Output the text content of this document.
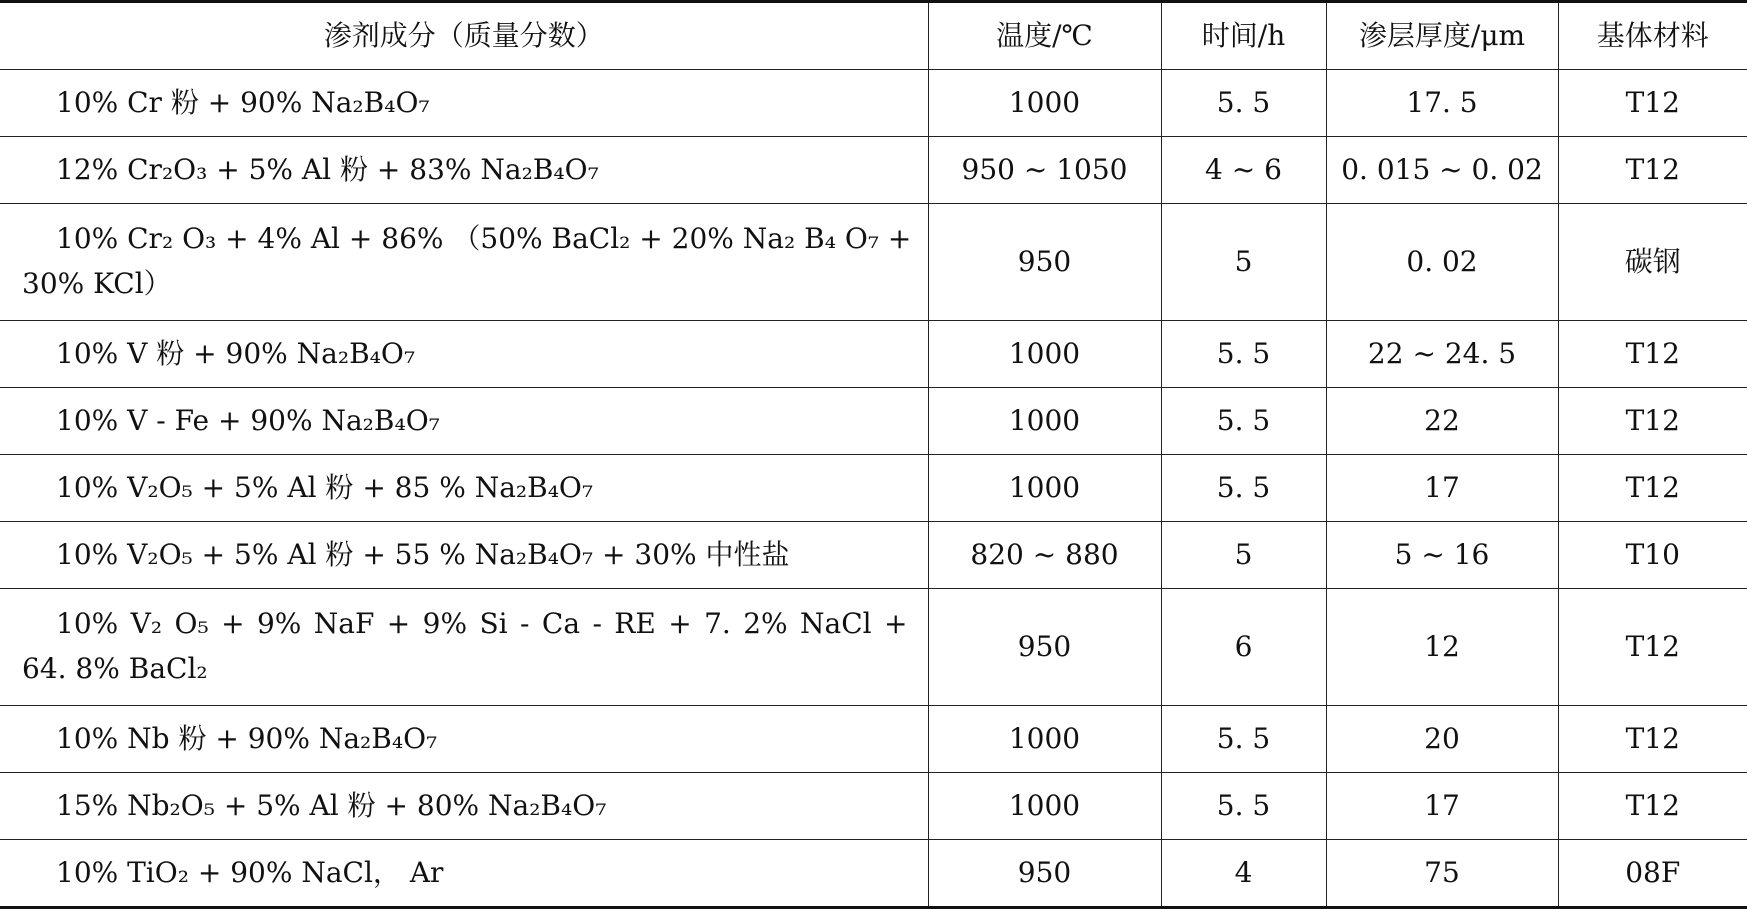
渗剂成分（质量分数）	温度/℃	时间/h	渗层厚度/μm	基体材料

10% Cr 粉 + 90% Na₂B₄O₇	1000	5. 5	17. 5	T12

12% Cr₂O₃ + 5% Al 粉 + 83% Na₂B₄O₇	950 ~ 1050	4 ~ 6	0. 015 ~ 0. 02	T12

10% Cr₂ O₃ + 4% Al + 86% （50% BaCl₂ + 20% Na₂ B₄ O₇ +
30% KCl）	950	5	0. 02	碳钢

10% V 粉 + 90% Na₂B₄O₇	1000	5. 5	22 ~ 24. 5	T12

10% V - Fe + 90% Na₂B₄O₇	1000	5. 5	22	T12

10% V₂O₅ + 5% Al 粉 + 85 % Na₂B₄O₇	1000	5. 5	17	T12

10% V₂O₅ + 5% Al 粉 + 55 % Na₂B₄O₇ + 30% 中性盐	820 ~ 880	5	5 ~ 16	T10

10% V₂ O₅ + 9% NaF + 9% Si - Ca - RE + 7. 2% NaCl +
64. 8% BaCl₂	950	6	12	T12

10% Nb 粉 + 90% Na₂B₄O₇	1000	5. 5	20	T12

15% Nb₂O₅ + 5% Al 粉 + 80% Na₂B₄O₇	1000	5. 5	17	T12

10% TiO₂ + 90% NaCl， Ar	950	4	75	08F
